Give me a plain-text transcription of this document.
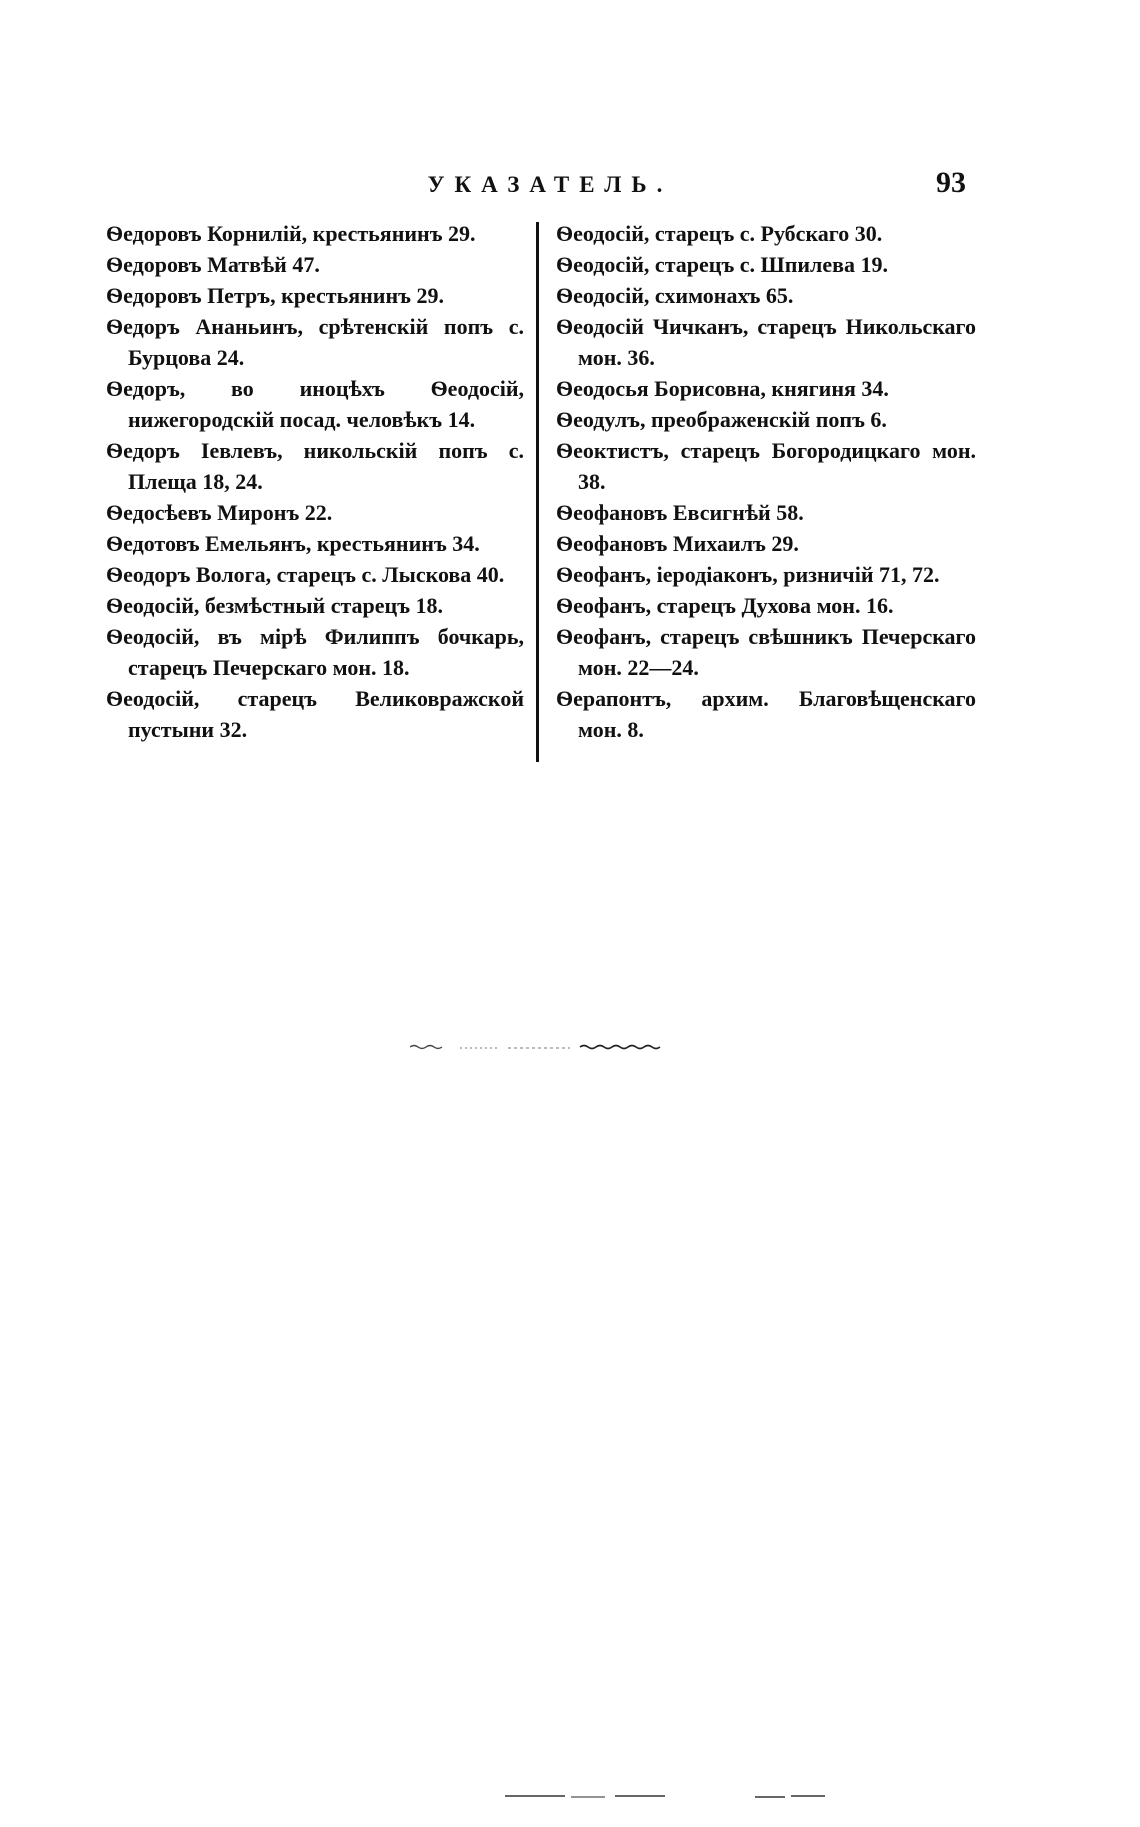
УКАЗАТЕЛЬ.	93

Ѳедоровъ Корнилій, крестьянинъ 29.

Ѳедоровъ Матвѣй 47.

Ѳедоровъ Петръ, крестьянинъ 29.

Ѳедоръ Ананьинъ, срѣтенскій попъ с. Бурцова 24.

Ѳедоръ, во иноцѣхъ Ѳеодосій, нижегородскій посад. человѣкъ 14.

Ѳедоръ Іевлевъ, никольскій попъ с. Плеща 18, 24.

Ѳедосѣевъ Миронъ 22.

Ѳедотовъ Емельянъ, крестьянинъ 34.

Ѳеодоръ Вологa, старецъ с. Лыскова 40.

Ѳеодосій, безмѣстный старецъ 18.

Ѳеодосій, въ мірѣ Филиппъ бочкарь, старецъ Печерскаго мон. 18.

Ѳеодосій, старецъ Великовражской пустыни 32.

Ѳеодосій, старецъ с. Рубскаго 30.

Ѳеодосій, старецъ с. Шпилева 19.

Ѳеодосій, схимонахъ 65.

Ѳеодосій Чичканъ, старецъ Никольскаго мон. 36.

Ѳеодосья Борисовна, княгиня 34.

Ѳеодулъ, преображенскій попъ 6.

Ѳеоктистъ, старецъ Богородицкаго мон. 38.

Ѳеофановъ Евсигнѣй 58.

Ѳеофановъ Михаилъ 29.

Ѳеофанъ, іеродіаконъ, ризничій 71, 72.

Ѳеофанъ, старецъ Духова мон. 16.

Ѳеофанъ, старецъ свѣшникъ Печерскаго мон. 22—24.

Ѳерапонтъ, архим. Благовѣщенскаго мон. 8.
